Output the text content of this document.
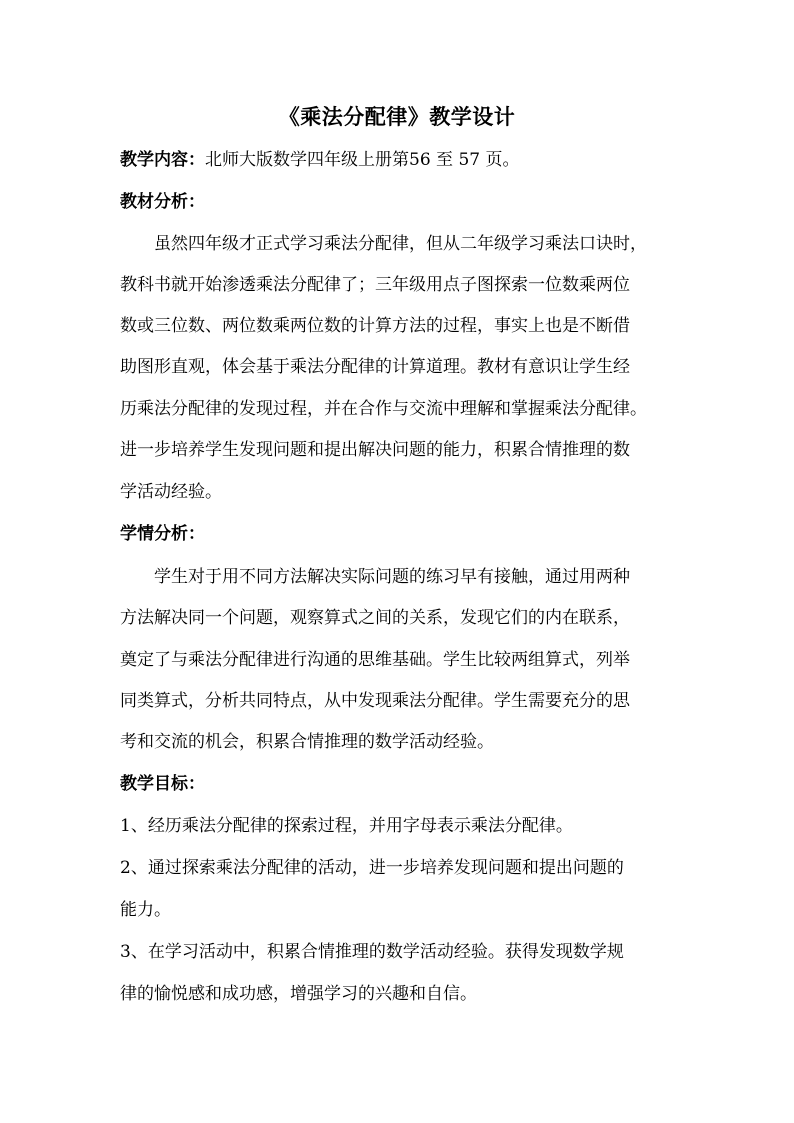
《乘法分配律》教学设计
教学内容：北师大版数学四年级上册第56 至 57 页。
教材分析：
虽然四年级才正式学习乘法分配律，但从二年级学习乘法口诀时，
教科书就开始渗透乘法分配律了；三年级用点子图探索一位数乘两位
数或三位数、两位数乘两位数的计算方法的过程，事实上也是不断借
助图形直观，体会基于乘法分配律的计算道理。教材有意识让学生经
历乘法分配律的发现过程，并在合作与交流中理解和掌握乘法分配律。
进一步培养学生发现问题和提出解决问题的能力，积累合情推理的数
学活动经验。
学情分析：
学生对于用不同方法解决实际问题的练习早有接触，通过用两种
方法解决同一个问题，观察算式之间的关系，发现它们的内在联系，
奠定了与乘法分配律进行沟通的思维基础。学生比较两组算式，列举
同类算式，分析共同特点，从中发现乘法分配律。学生需要充分的思
考和交流的机会，积累合情推理的数学活动经验。
教学目标：
1、经历乘法分配律的探索过程，并用字母表示乘法分配律。
2、通过探索乘法分配律的活动，进一步培养发现问题和提出问题的
能力。
3、在学习活动中，积累合情推理的数学活动经验。获得发现数学规
律的愉悦感和成功感，增强学习的兴趣和自信。
